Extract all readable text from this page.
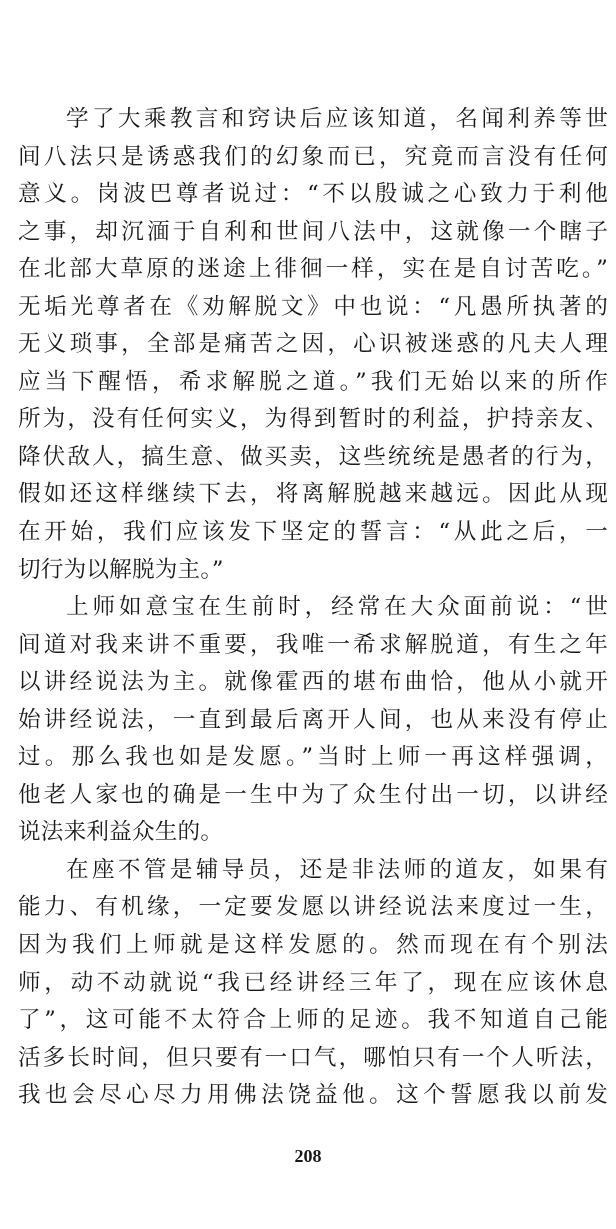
学了大乘教言和窍诀后应该知道，名闻利养等世
间八法只是诱惑我们的幻象而已，究竟而言没有任何
意义。岗波巴尊者说过：“不以殷诚之心致力于利他
之事，却沉湎于自利和世间八法中，这就像一个瞎子
在北部大草原的迷途上徘徊一样，实在是自讨苦吃。”
无垢光尊者在《劝解脱文》中也说：“凡愚所执著的
无义琐事，全部是痛苦之因，心识被迷惑的凡夫人理
应当下醒悟，希求解脱之道。”我们无始以来的所作
所为，没有任何实义，为得到暂时的利益，护持亲友、
降伏敌人，搞生意、做买卖，这些统统是愚者的行为，
假如还这样继续下去，将离解脱越来越远。因此从现
在开始，我们应该发下坚定的誓言：“从此之后，一
切行为以解脱为主。”
上师如意宝在生前时，经常在大众面前说：“世
间道对我来讲不重要，我唯一希求解脱道，有生之年
以讲经说法为主。就像霍西的堪布曲恰，他从小就开
始讲经说法，一直到最后离开人间，也从来没有停止
过。那么我也如是发愿。”当时上师一再这样强调，
他老人家也的确是一生中为了众生付出一切，以讲经
说法来利益众生的。
在座不管是辅导员，还是非法师的道友，如果有
能力、有机缘，一定要发愿以讲经说法来度过一生，
因为我们上师就是这样发愿的。然而现在有个别法
师，动不动就说“我已经讲经三年了，现在应该休息
了”，这可能不太符合上师的足迹。我不知道自己能
活多长时间，但只要有一口气，哪怕只有一个人听法，
我也会尽心尽力用佛法饶益他。这个誓愿我以前发
208
